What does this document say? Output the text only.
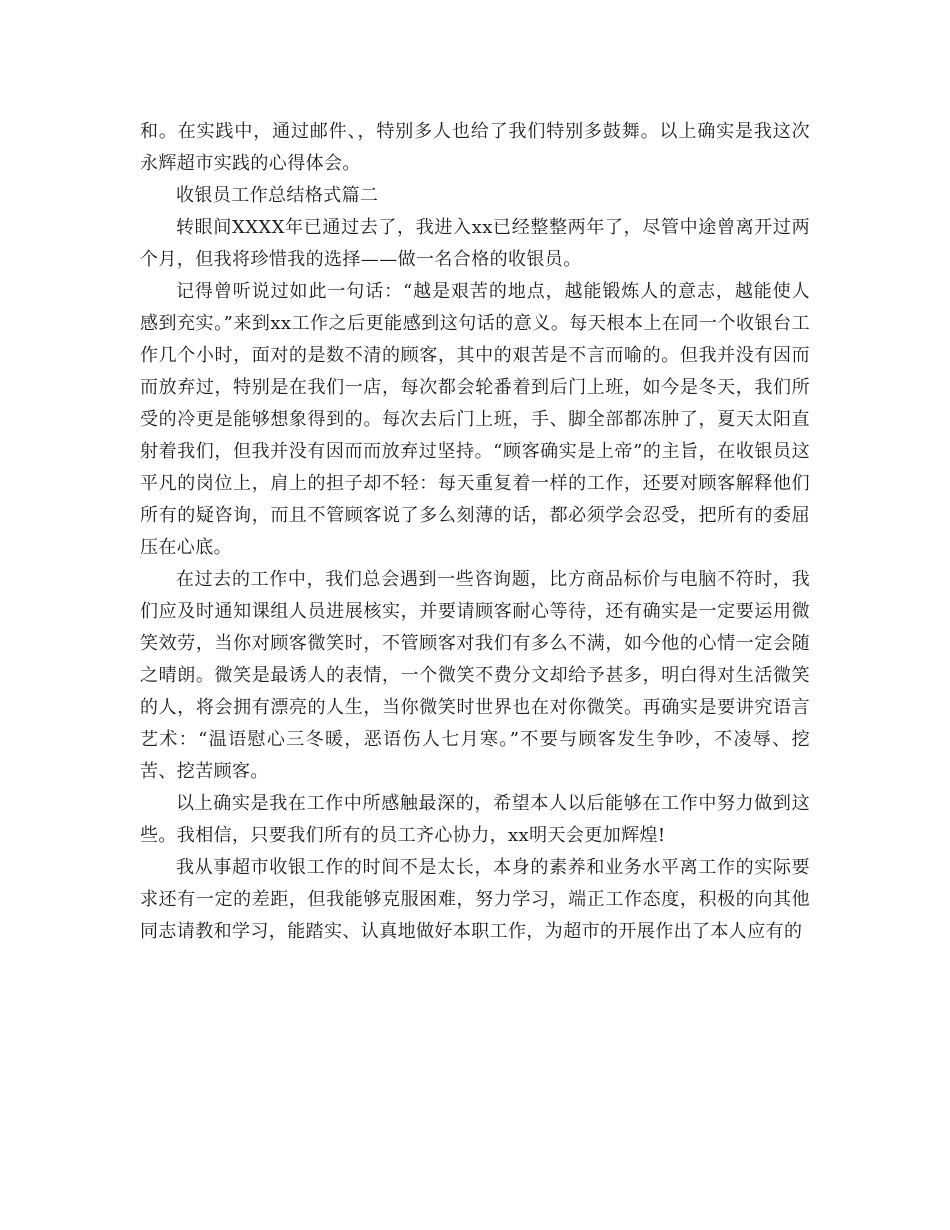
和。在实践中，通过邮件、，特别多人也给了我们特别多鼓舞。以上确实是我这次永辉超市实践的心得体会。

收银员工作总结格式篇二

转眼间XXXX年已通过去了，我进入xx已经整整两年了，尽管中途曾离开过两个月，但我将珍惜我的选择——做一名合格的收银员。

记得曾听说过如此一句话：“越是艰苦的地点，越能锻炼人的意志，越能使人感到充实。”来到xx工作之后更能感到这句话的意义。每天根本上在同一个收银台工作几个小时，面对的是数不清的顾客，其中的艰苦是不言而喻的。但我并没有因而而放弃过，特别是在我们一店，每次都会轮番着到后门上班，如今是冬天，我们所受的冷更是能够想象得到的。每次去后门上班，手、脚全部都冻肿了，夏天太阳直射着我们，但我并没有因而而放弃过坚持。“顾客确实是上帝”的主旨，在收银员这平凡的岗位上，肩上的担子却不轻：每天重复着一样的工作，还要对顾客解释他们所有的疑咨询，而且不管顾客说了多么刻薄的话，都必须学会忍受，把所有的委屈压在心底。

在过去的工作中，我们总会遇到一些咨询题，比方商品标价与电脑不符时，我们应及时通知课组人员进展核实，并要请顾客耐心等待，还有确实是一定要运用微笑效劳，当你对顾客微笑时，不管顾客对我们有多么不满，如今他的心情一定会随之晴朗。微笑是最诱人的表情，一个微笑不费分文却给予甚多，明白得对生活微笑的人，将会拥有漂亮的人生，当你微笑时世界也在对你微笑。再确实是要讲究语言艺术：“温语慰心三冬暖，恶语伤人七月寒。”不要与顾客发生争吵，不凌辱、挖苦、挖苦顾客。

以上确实是我在工作中所感触最深的，希望本人以后能够在工作中努力做到这些。我相信，只要我们所有的员工齐心协力，xx明天会更加辉煌!

我从事超市收银工作的时间不是太长，本身的素养和业务水平离工作的实际要求还有一定的差距，但我能够克服困难，努力学习，端正工作态度，积极的向其他同志请教和学习，能踏实、认真地做好本职工作，为超市的开展作出了本人应有的
